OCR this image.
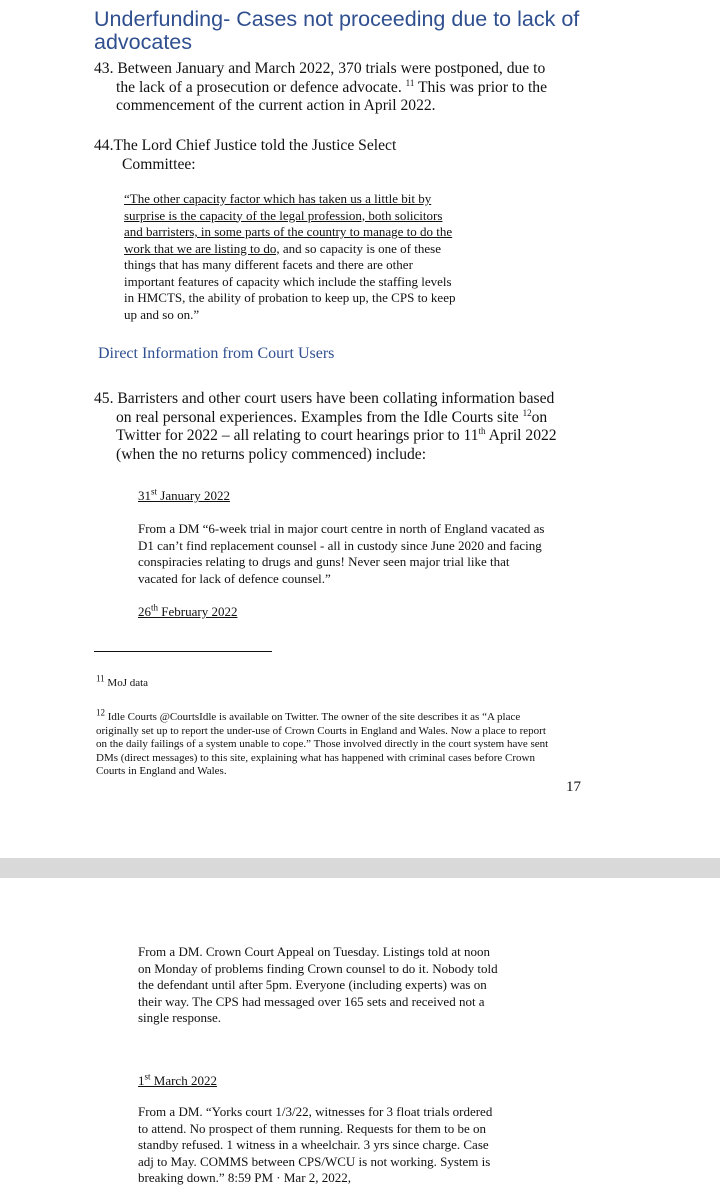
Underfunding- Cases not proceeding due to lack of
advocates
43. Between January and March 2022, 370 trials were postponed, due to
the lack of a prosecution or defence advocate. $^{11}$ This was prior to the
commencement of the current action in April 2022.
44.The Lord Chief Justice told the Justice Select
Committee:
“The other capacity factor which has taken us a little bit by
surprise is the capacity of the legal profession, both solicitors
and barristers, in some parts of the country to manage to do the
work that we are listing to do, and so capacity is one of these
things that has many different facets and there are other
important features of capacity which include the staffing levels
in HMCTS, the ability of probation to keep up, the CPS to keep
up and so on.”
Direct Information from Court Users
45. Barristers and other court users have been collating information based
on real personal experiences. Examples from the Idle Courts site $^{12}$on
Twitter for 2022 – all relating to court hearings prior to 11th April 2022
(when the no returns policy commenced) include:
31st January 2022
From a DM “6-week trial in major court centre in north of England vacated as
D1 can’t find replacement counsel - all in custody since June 2020 and facing
conspiracies relating to drugs and guns! Never seen major trial like that
vacated for lack of defence counsel.”
26th February 2022
$^{11}$ MoJ data
$^{12}$ Idle Courts @CourtsIdle is available on Twitter. The owner of the site describes it as “A place
originally set up to report the under-use of Crown Courts in England and Wales. Now a place to report
on the daily failings of a system unable to cope.” Those involved directly in the court system have sent
DMs (direct messages) to this site, explaining what has happened with criminal cases before Crown
Courts in England and Wales.
17
From a DM. Crown Court Appeal on Tuesday. Listings told at noon
on Monday of problems finding Crown counsel to do it. Nobody told
the defendant until after 5pm. Everyone (including experts) was on
their way. The CPS had messaged over 165 sets and received not a
single response.
1st March 2022
From a DM. “Yorks court 1/3/22, witnesses for 3 float trials ordered
to attend. No prospect of them running. Requests for them to be on
standby refused. 1 witness in a wheelchair. 3 yrs since charge. Case
adj to May. COMMS between CPS/WCU is not working. System is
breaking down.” 8:59 PM · Mar 2, 2022,
